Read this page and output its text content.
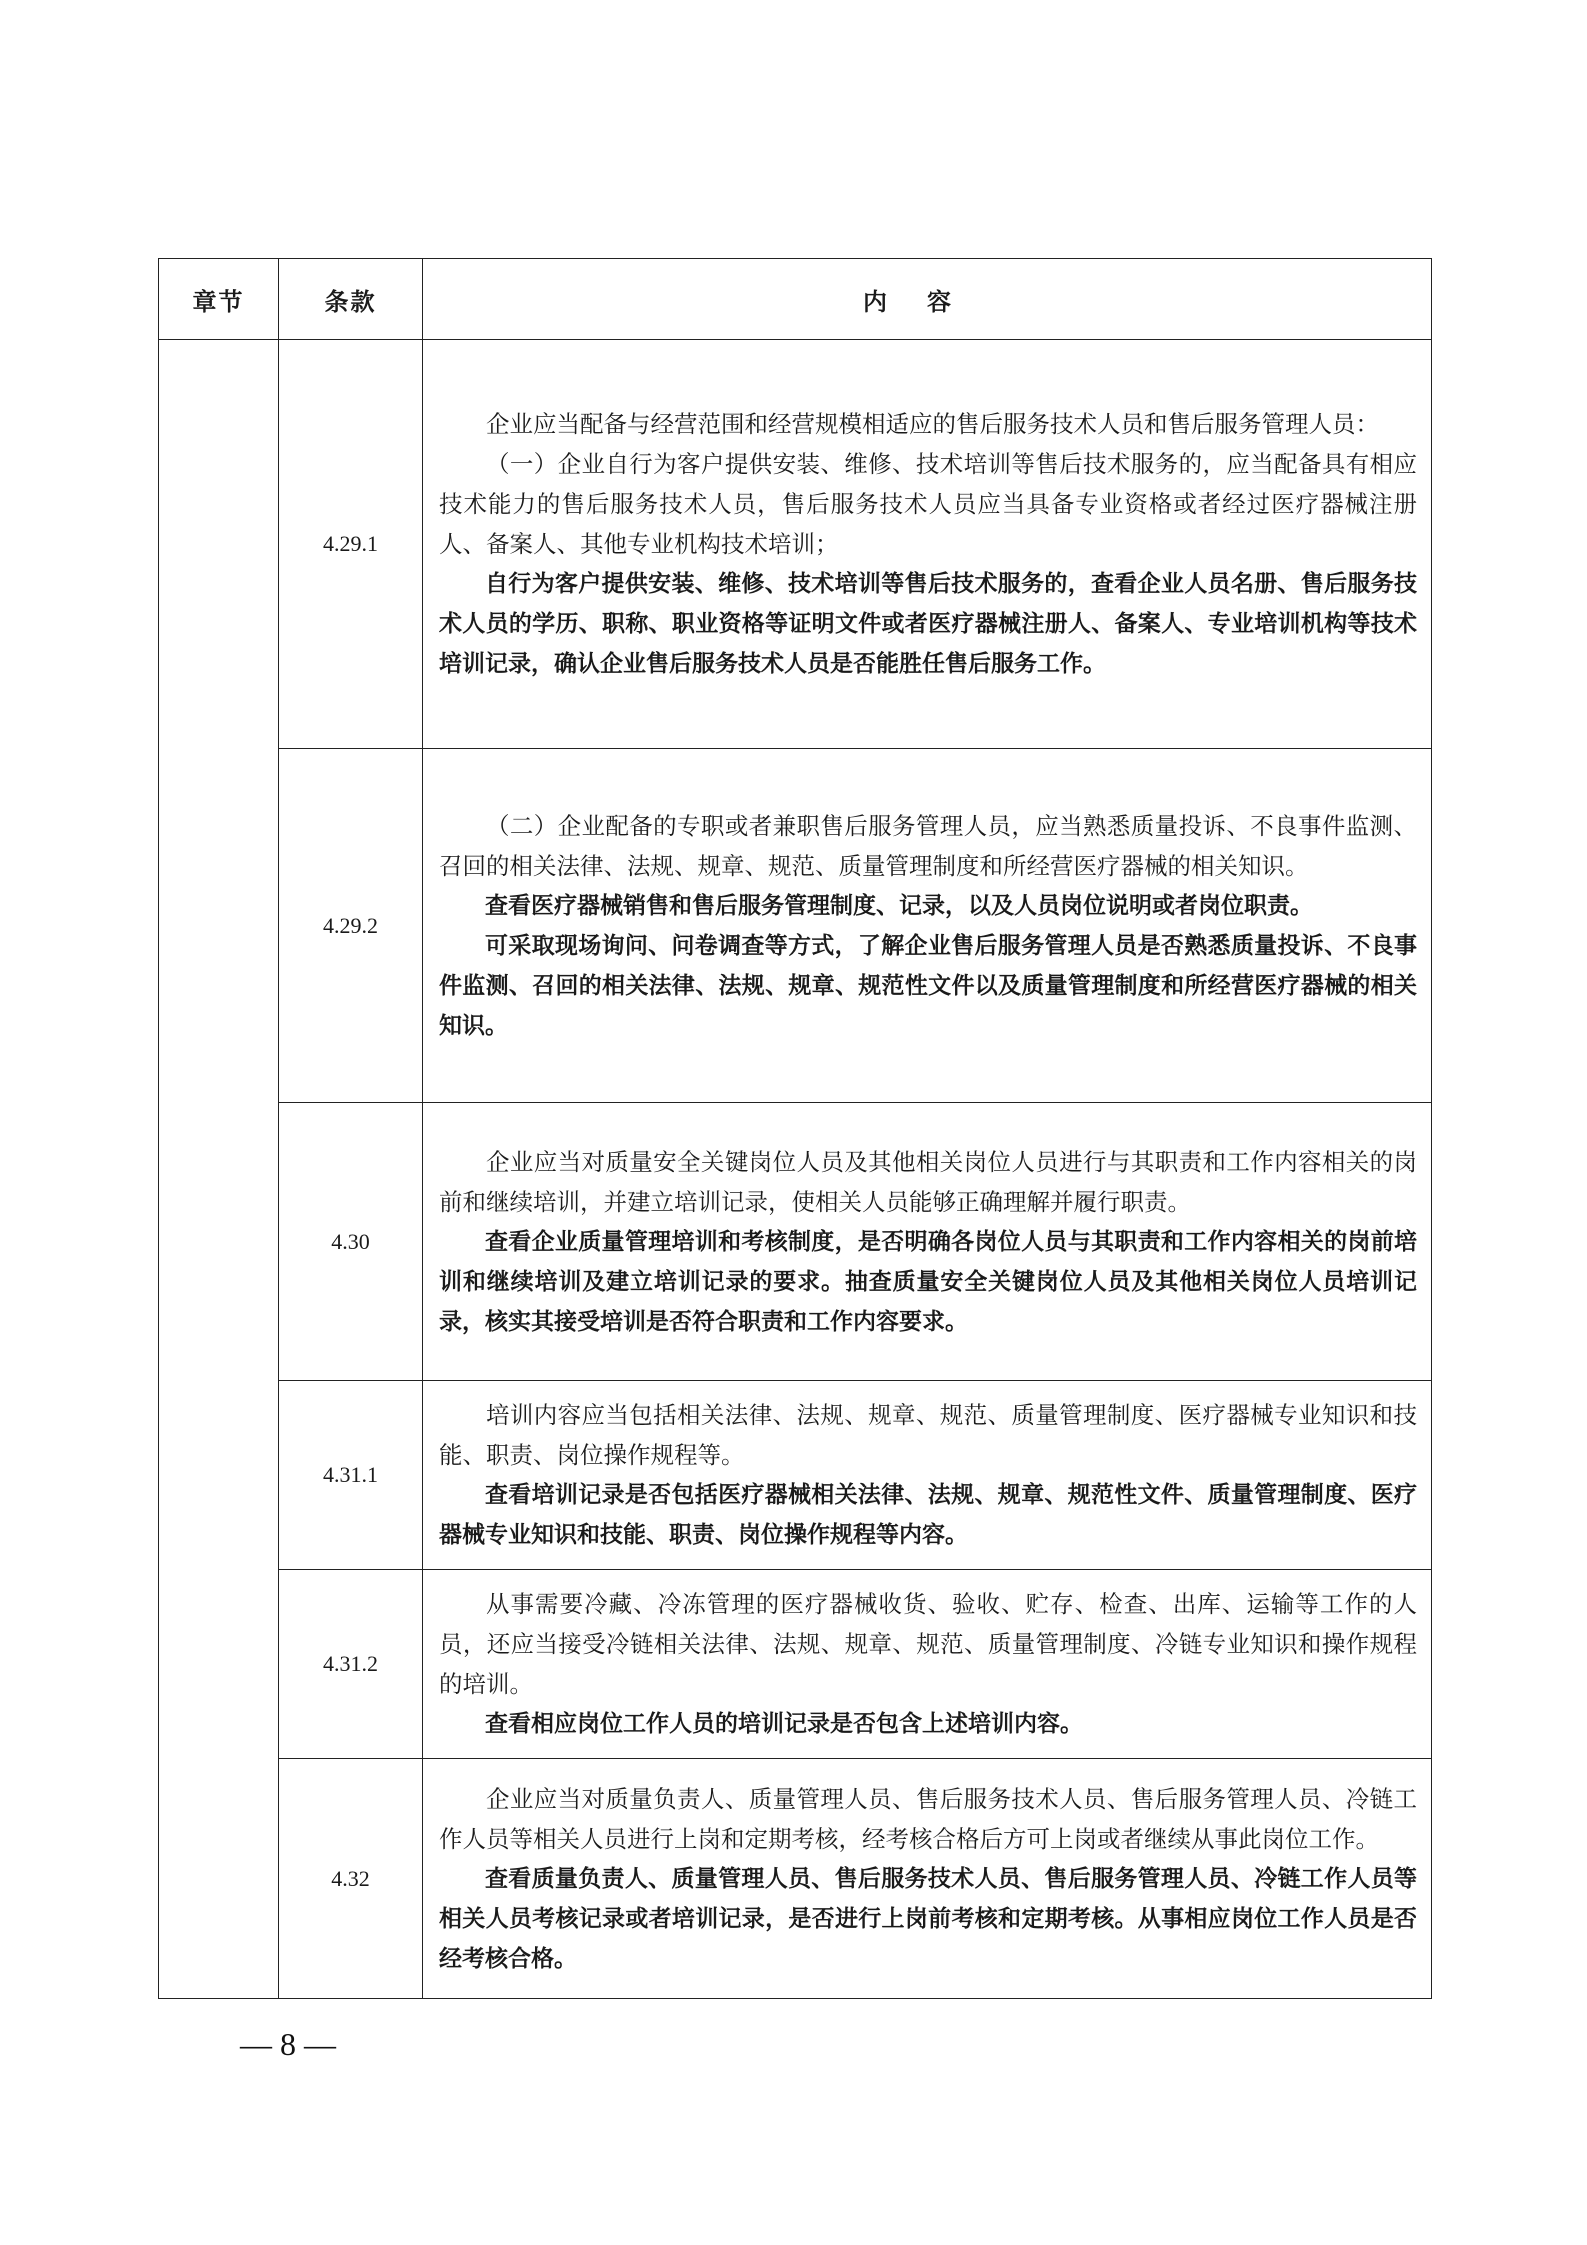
章节	条款	内容
	4.29.1	企业应当配备与经营范围和经营规模相适应的售后服务技术人员和售后服务管理人员：

（一）企业自行为客户提供安装、维修、技术培训等售后技术服务的，应当配备具有相应技术能力的售后服务技术人员，售后服务技术人员应当具备专业资格或者经过医疗器械注册人、备案人、其他专业机构技术培训；

自行为客户提供安装、维修、技术培训等售后技术服务的，查看企业人员名册、售后服务技术人员的学历、职称、职业资格等证明文件或者医疗器械注册人、备案人、专业培训机构等技术培训记录，确认企业售后服务技术人员是否能胜任售后服务工作。

	4.29.2	（二）企业配备的专职或者兼职售后服务管理人员，应当熟悉质量投诉、不良事件监测、召回的相关法律、法规、规章、规范、质量管理制度和所经营医疗器械的相关知识。

查看医疗器械销售和售后服务管理制度、记录，以及人员岗位说明或者岗位职责。

可采取现场询问、问卷调查等方式，了解企业售后服务管理人员是否熟悉质量投诉、不良事件监测、召回的相关法律、法规、规章、规范性文件以及质量管理制度和所经营医疗器械的相关知识。

	4.30	企业应当对质量安全关键岗位人员及其他相关岗位人员进行与其职责和工作内容相关的岗前和继续培训，并建立培训记录，使相关人员能够正确理解并履行职责。

查看企业质量管理培训和考核制度，是否明确各岗位人员与其职责和工作内容相关的岗前培训和继续培训及建立培训记录的要求。抽查质量安全关键岗位人员及其他相关岗位人员培训记录，核实其接受培训是否符合职责和工作内容要求。

	4.31.1	培训内容应当包括相关法律、法规、规章、规范、质量管理制度、医疗器械专业知识和技能、职责、岗位操作规程等。

查看培训记录是否包括医疗器械相关法律、法规、规章、规范性文件、质量管理制度、医疗器械专业知识和技能、职责、岗位操作规程等内容。

	4.31.2	从事需要冷藏、冷冻管理的医疗器械收货、验收、贮存、检查、出库、运输等工作的人员，还应当接受冷链相关法律、法规、规章、规范、质量管理制度、冷链专业知识和操作规程的培训。

查看相应岗位工作人员的培训记录是否包含上述培训内容。

	4.32	企业应当对质量负责人、质量管理人员、售后服务技术人员、售后服务管理人员、冷链工作人员等相关人员进行上岗和定期考核，经考核合格后方可上岗或者继续从事此岗位工作。

查看质量负责人、质量管理人员、售后服务技术人员、售后服务管理人员、冷链工作人员等相关人员考核记录或者培训记录，是否进行上岗前考核和定期考核。从事相应岗位工作人员是否经考核合格。

— 8 —
